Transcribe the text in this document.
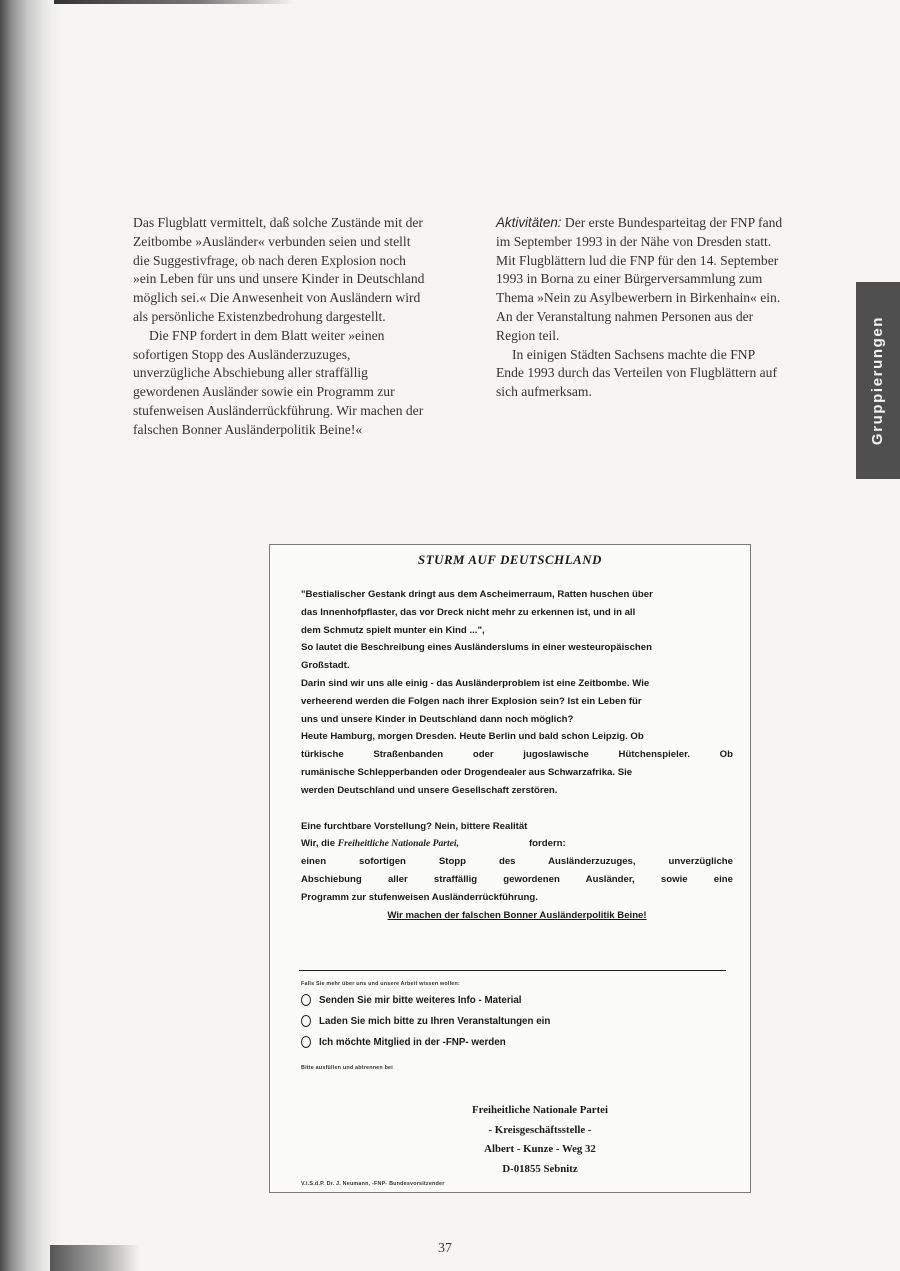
Das Flugblatt vermittelt, daß solche Zustände mit der Zeitbombe »Ausländer« verbunden seien und stellt die Suggestivfrage, ob nach deren Explosion noch »ein Leben für uns und unsere Kinder in Deutschland möglich sei.« Die Anwesenheit von Ausländern wird als persönliche Existenzbedrohung dargestellt.

Die FNP fordert in dem Blatt weiter »einen sofortigen Stopp des Ausländerzuzuges, unverzügliche Abschiebung aller straffällig gewordenen Ausländer sowie ein Programm zur stufenweisen Ausländerrückführung. Wir machen der falschen Bonner Ausländerpolitik Beine!«

Aktivitäten: Der erste Bundesparteitag der FNP fand im September 1993 in der Nähe von Dresden statt. Mit Flugblättern lud die FNP für den 14. September 1993 in Borna zu einer Bürgerversammlung zum Thema »Nein zu Asylbewerbern in Birkenhain« ein. An der Veranstaltung nahmen Personen aus der Region teil.

In einigen Städten Sachsens machte die FNP Ende 1993 durch das Verteilen von Flugblättern auf sich aufmerksam.	Gruppierungen
STURM AUF DEUTSCHLAND

"Bestialischer Gestank dringt aus dem Ascheimerraum, Ratten huschen über

das Innenhofpflaster, das vor Dreck nicht mehr zu erkennen ist, und in all

dem Schmutz spielt munter ein Kind ...",

So lautet die Beschreibung eines Ausländerslums in einer westeuropäischen

Großstadt.

Darin sind wir uns alle einig - das Ausländerproblem ist eine Zeitbombe. Wie

verheerend werden die Folgen nach ihrer Explosion sein? Ist ein Leben für

uns und unsere Kinder in Deutschland dann noch möglich?

Heute Hamburg, morgen Dresden. Heute Berlin und bald schon Leipzig. Ob

türkische Straßenbanden oder jugoslawische Hütchenspieler. Ob

rumänische Schlepperbanden oder Drogendealer aus Schwarzafrika. Sie

werden Deutschland und unsere Gesellschaft zerstören.

Eine furchtbare Vorstellung? Nein, bittere Realität

Wir, die Freiheitliche Nationale Partei,	fordern:

einen sofortigen Stopp des Ausländerzuzuges, unverzügliche

Abschiebung aller straffällig gewordenen Ausländer, sowie eine

Programm zur stufenweisen Ausländerrückführung.

Wir machen der falschen Bonner Ausländerpolitik Beine!

Falls Sie mehr über uns und unsere Arbeit wissen wollen:
Senden Sie mir bitte weiteres Info - Material
Laden Sie mich bitte zu Ihren Veranstaltungen ein
Ich möchte Mitglied in der -FNP- werden
Bitte ausfüllen und abtrennen bei
Freiheitliche Nationale Partei
- Kreisgeschäftsstelle -
Albert - Kunze - Weg 32
D-01855 Sebnitz
V.i.S.d.P. Dr. J. Neumann, -FNP- Bundesvorsitzender
37
